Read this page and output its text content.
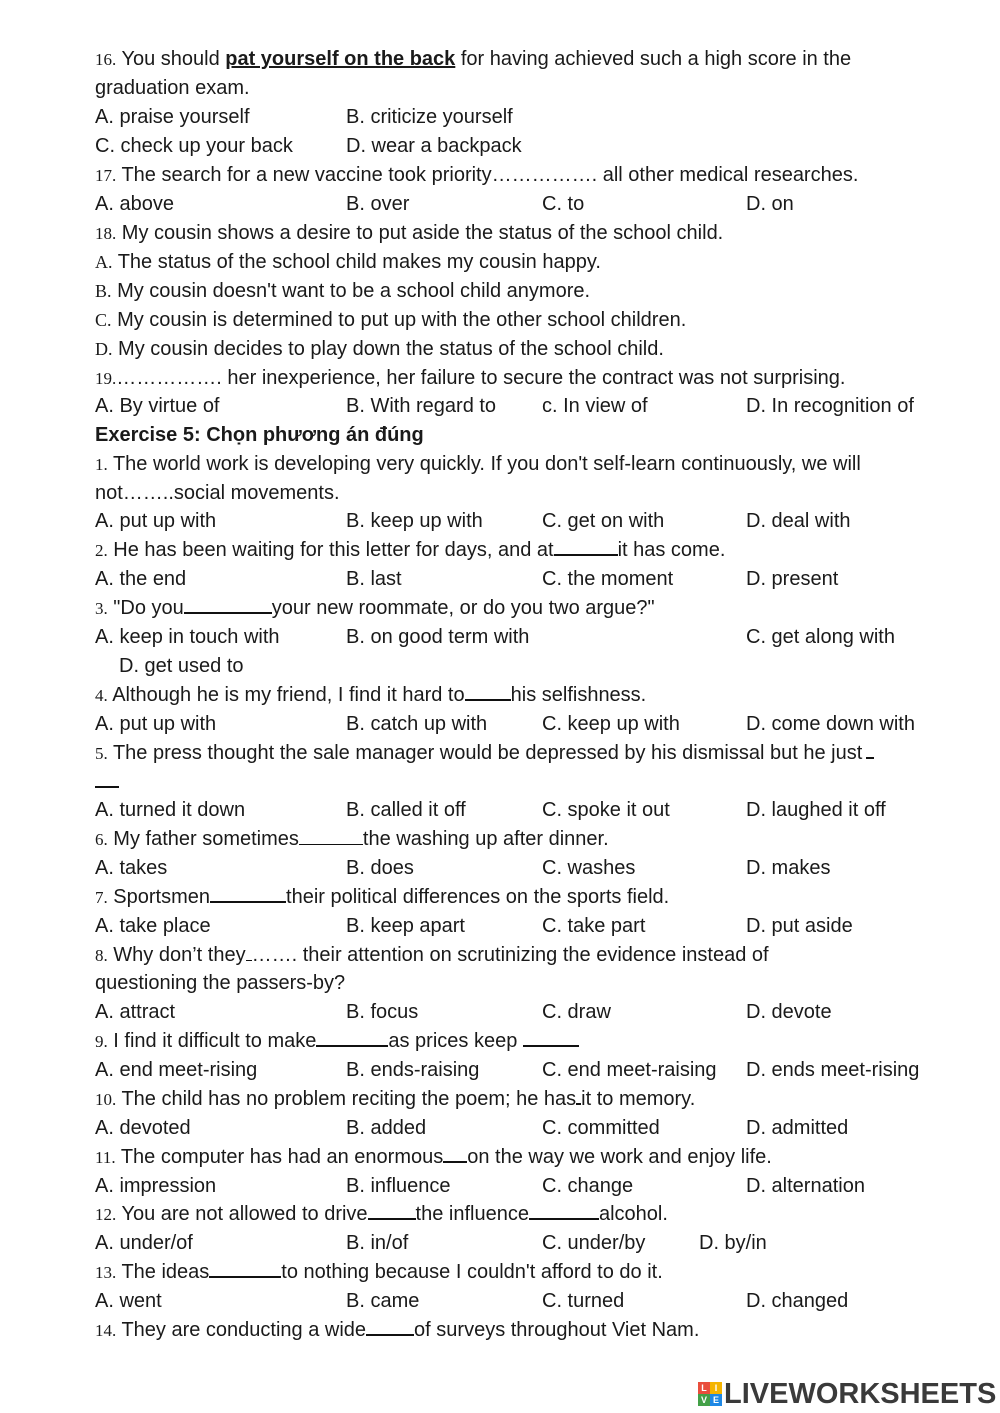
16. You should pat yourself on the back for having achieved such a high score in the
graduation exam.
A. praise yourself	B. criticize yourself
C. check up your back	D. wear a backpack
17. The search for a new vaccine took priority……………. all other medical researches.
A. above	B. over	C. to	D. on
18. My cousin shows a desire to put aside the status of the school child.
A. The status of the school child makes my cousin happy.
B. My cousin doesn't want to be a school child anymore.
C. My cousin is determined to put up with the other school children.
D. My cousin decides to play down the status of the school child.
19.……………. her inexperience, her failure to secure the contract was not surprising.
A. By virtue of	B. With regard to c. In view of	D. In recognition of
Exercise 5: Chọn phương án đúng
1. The world work is developing very quickly. If you don't self-learn continuously, we will
not……..social movements.
A. put up with	B. keep up with	C. get on with	D. deal with
2. He has been waiting for this letter for days, and at	it has come.
A. the end	B. last	C. the moment	D. present
3. "Do you	your new roommate, or do you two argue?"
A. keep in touch with	B. on good term with	C. get along with
D. get used to
4. Although he is my friend, I find it hard to his selfishness.
A. put up with	B. catch up with	C. keep up with	D. come down with
5. The press thought the sale manager would be depressed by his dismissal but he just
A. turned it down	B. called it off	C. spoke it out	D. laughed it off
6. My father sometimes	the washing up after dinner.
A. takes	B. does	C. washes	D. makes
7. Sportsmen	their political differences on the sports field.
A. take place	B. keep apart	C. take part	D. put aside
8. Why don’t they ……. their attention on scrutinizing the evidence instead of
questioning the passers-by?
A. attract	B. focus	C. draw	D. devote
9. I find it difficult to make	as prices keep
A. end meet-rising	B. ends-raising	C. end meet-raising D. ends meet-rising
10. The child has no problem reciting the poem; he has it to memory.
A. devoted	B. added	C. committed	D. admitted
11. The computer has had an enormous on the way we work and enjoy life.
A. impression	B. influence	C. change	D. alternation
12. You are not allowed to drive the influence	alcohol.
A. under/of	B. in/of	C. under/by	D. by/in
13. The ideas	to nothing because I couldn't afford to do it.
A. went	B. came	C. turned	D. changed
14. They are conducting a wide of surveys throughout Viet Nam.
L I
V E LIVEWORKSHEETS
